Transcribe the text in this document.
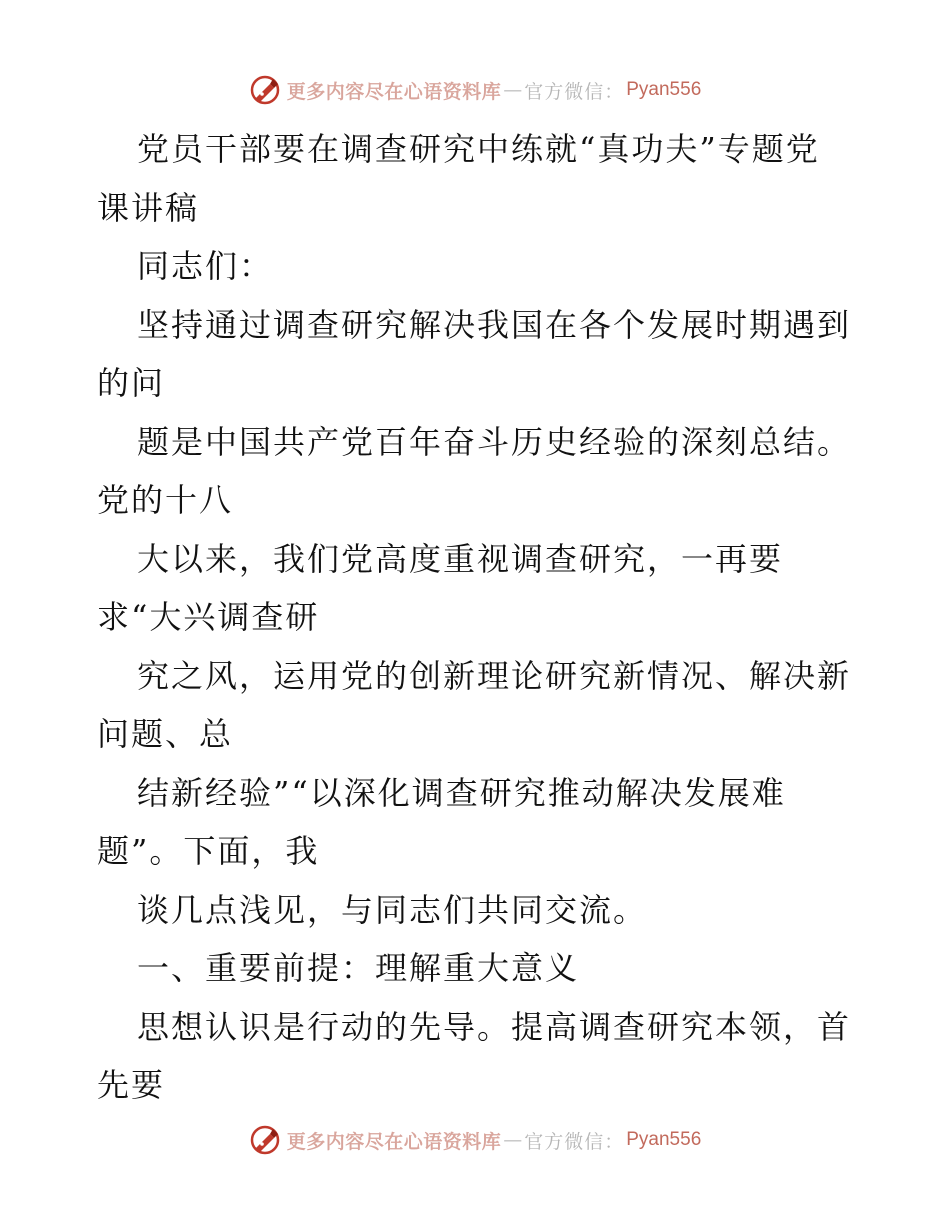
更多内容尽在心语资料库 — 官方微信： Pyan556
党员干部要在调查研究中练就“真功夫”专题党
课讲稿
同志们：
坚持通过调查研究解决我国在各个发展时期遇到
的问
题是中国共产党百年奋斗历史经验的深刻总结。
党的十八
大以来，我们党高度重视调查研究，一再要
求“大兴调查研
究之风，运用党的创新理论研究新情况、解决新
问题、总
结新经验”“以深化调查研究推动解决发展难
题”。下面，我
谈几点浅见，与同志们共同交流。
一、重要前提：理解重大意义
思想认识是行动的先导。提高调查研究本领，首
先要
更多内容尽在心语资料库 — 官方微信： Pyan556
